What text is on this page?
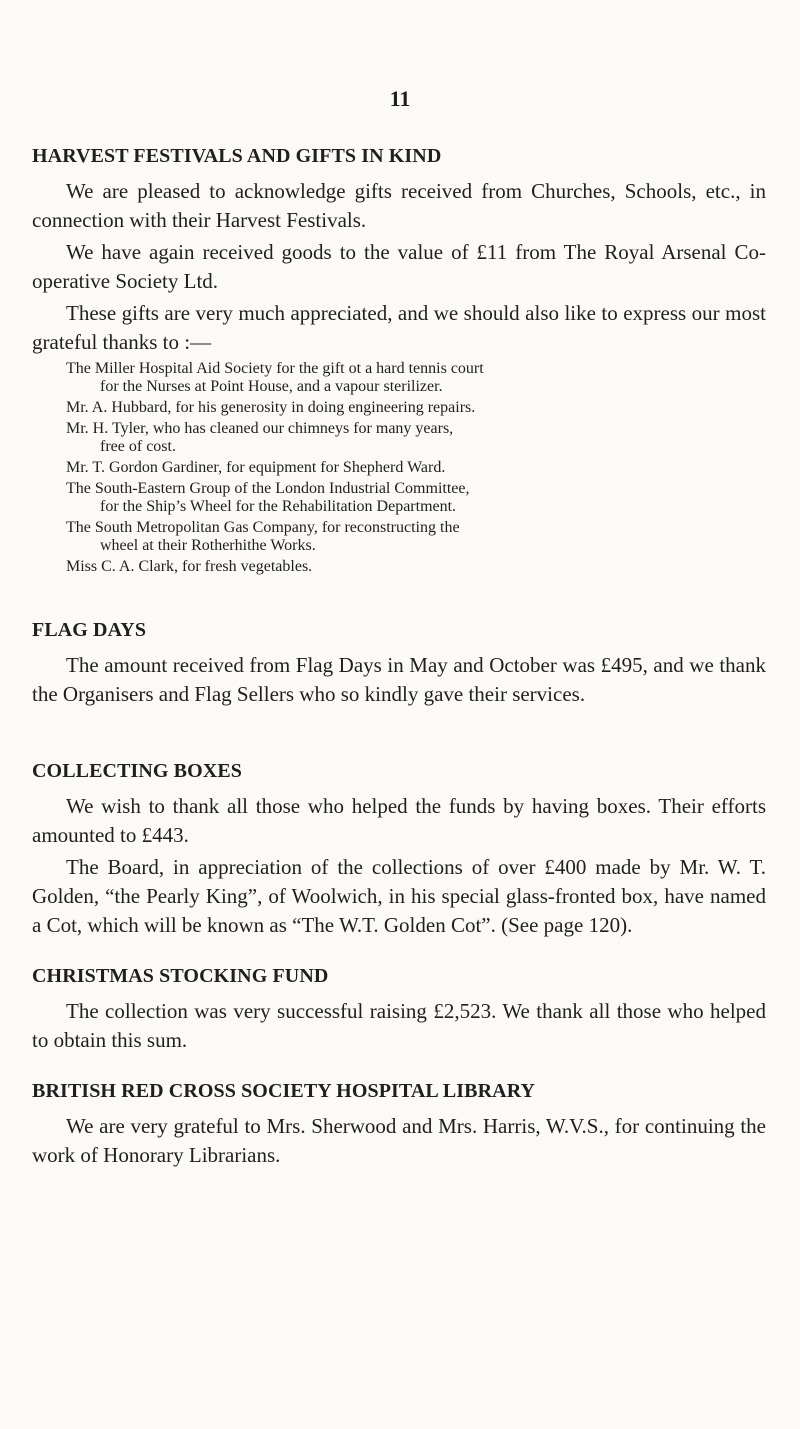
11
HARVEST FESTIVALS AND GIFTS IN KIND

We are pleased to acknowledge gifts received from Churches, Schools, etc., in connection with their Harvest Festivals.

We have again received goods to the value of £11 from The Royal Arsenal Co-operative Society Ltd.

These gifts are very much appreciated, and we should also like to express our most grateful thanks to :—

The Miller Hospital Aid Society for the gift ot a hard tennis court
for the Nurses at Point House, and a vapour sterilizer.
Mr. A. Hubbard, for his generosity in doing engineering repairs.
Mr. H. Tyler, who has cleaned our chimneys for many years,
free of cost.
Mr. T. Gordon Gardiner, for equipment for Shepherd Ward.
The South-Eastern Group of the London Industrial Committee,
for the Ship’s Wheel for the Rehabilitation Department.
The South Metropolitan Gas Company, for reconstructing the
wheel at their Rotherhithe Works.
Miss C. A. Clark, for fresh vegetables.
FLAG DAYS

The amount received from Flag Days in May and October was £495, and we thank the Organisers and Flag Sellers who so kindly gave their services.

COLLECTING BOXES

We wish to thank all those who helped the funds by having boxes. Their efforts amounted to £443.

The Board, in appreciation of the collections of over £400 made by Mr. W. T. Golden, “the Pearly King”, of Woolwich, in his special glass-fronted box, have named a Cot, which will be known as “The W.T. Golden Cot”. (See page 120).

CHRISTMAS STOCKING FUND

The collection was very successful raising £2,523. We thank all those who helped to obtain this sum.

BRITISH RED CROSS SOCIETY HOSPITAL LIBRARY

We are very grateful to Mrs. Sherwood and Mrs. Harris, W.V.S., for continuing the work of Honorary Librarians.
